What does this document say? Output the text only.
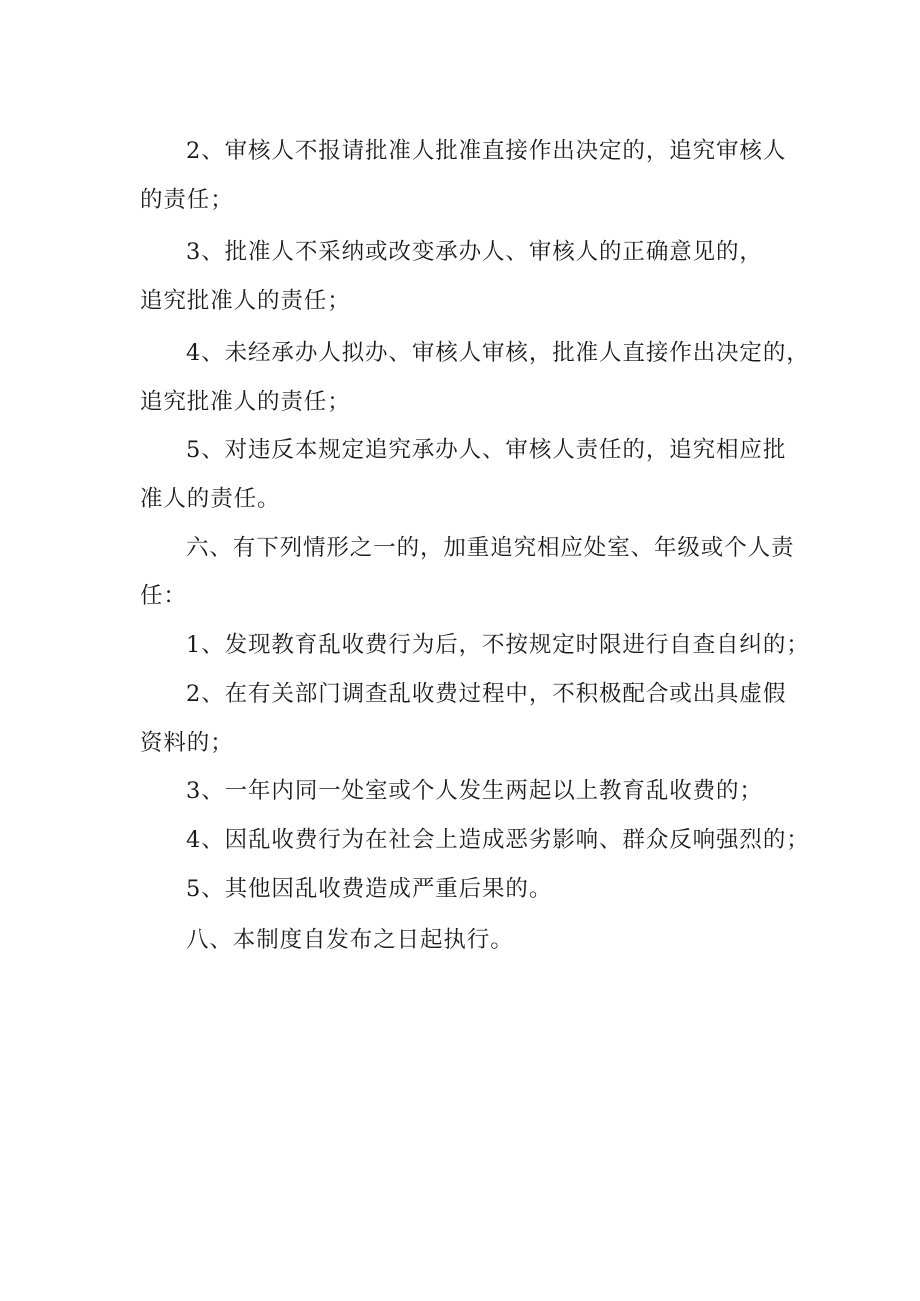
2、审核人不报请批准人批准直接作出决定的，追究审核人
的责任；
3、批准人不采纳或改变承办人、审核人的正确意见的，
追究批准人的责任；
4、未经承办人拟办、审核人审核，批准人直接作出决定的，
追究批准人的责任；
5、对违反本规定追究承办人、审核人责任的，追究相应批
准人的责任。
六、有下列情形之一的，加重追究相应处室、年级或个人责
任：
1、发现教育乱收费行为后，不按规定时限进行自查自纠的；
2、在有关部门调查乱收费过程中，不积极配合或出具虚假
资料的；
3、一年内同一处室或个人发生两起以上教育乱收费的；
4、因乱收费行为在社会上造成恶劣影响、群众反响强烈的；
5、其他因乱收费造成严重后果的。
八、本制度自发布之日起执行。
